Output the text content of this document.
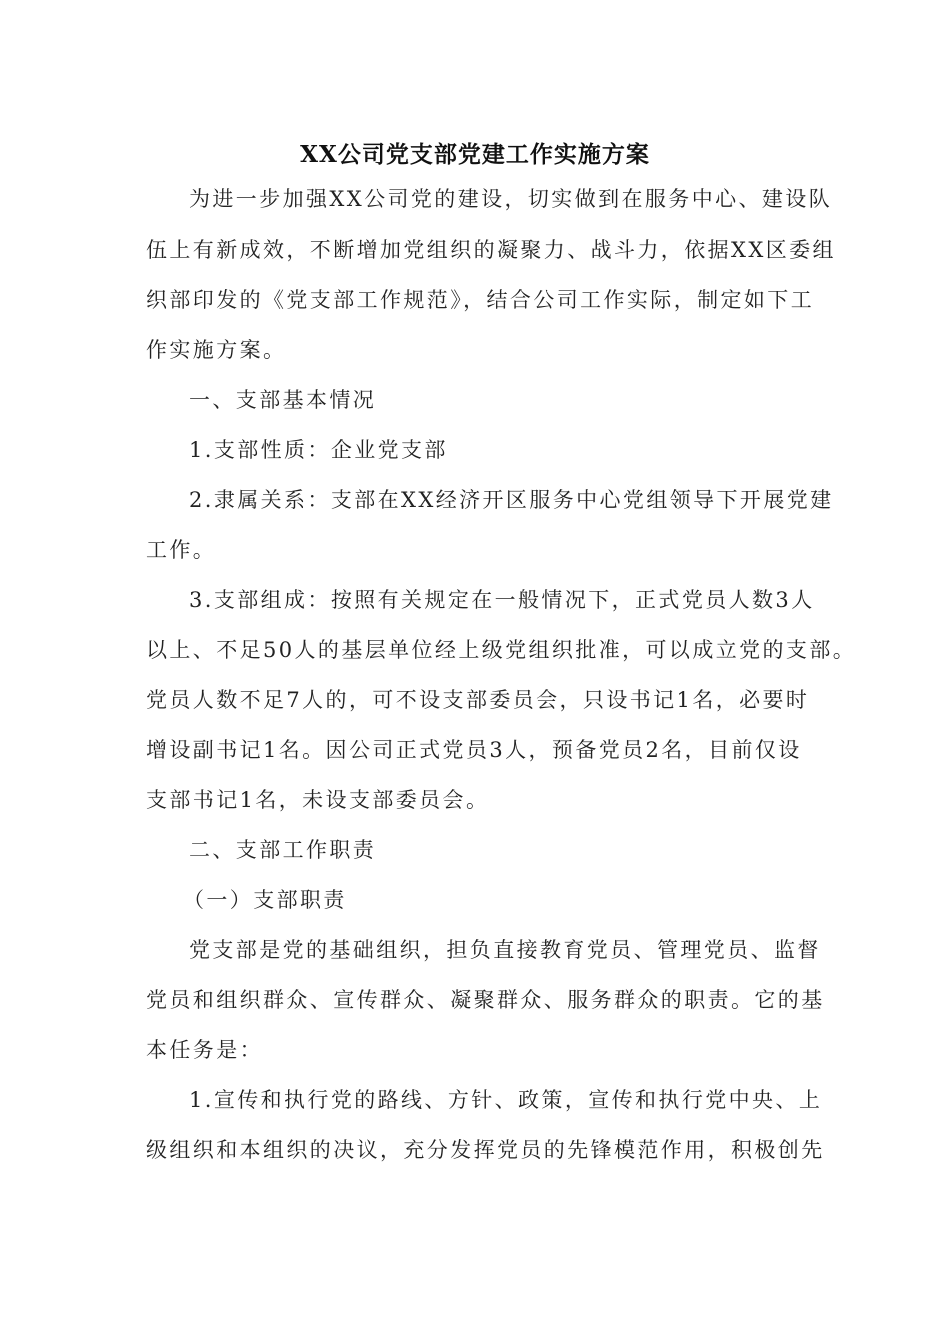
XX公司党支部党建工作实施方案
为进一步加强XX公司党的建设，切实做到在服务中心、建设队
伍上有新成效，不断增加党组织的凝聚力、战斗力，依据XX区委组
织部印发的《党支部工作规范》，结合公司工作实际，制定如下工
作实施方案。
一、支部基本情况
1.支部性质：企业党支部
2.隶属关系：支部在XX经济开区服务中心党组领导下开展党建
工作。
3.支部组成：按照有关规定在一般情况下，正式党员人数3人
以上、不足50人的基层单位经上级党组织批准，可以成立党的支部。
党员人数不足7人的，可不设支部委员会，只设书记1名，必要时
增设副书记1名。因公司正式党员3人，预备党员2名，目前仅设
支部书记1名，未设支部委员会。
二、支部工作职责
（一）支部职责
党支部是党的基础组织，担负直接教育党员、管理党员、监督
党员和组织群众、宣传群众、凝聚群众、服务群众的职责。它的基
本任务是：
1.宣传和执行党的路线、方针、政策，宣传和执行党中央、上
级组织和本组织的决议，充分发挥党员的先锋模范作用，积极创先
